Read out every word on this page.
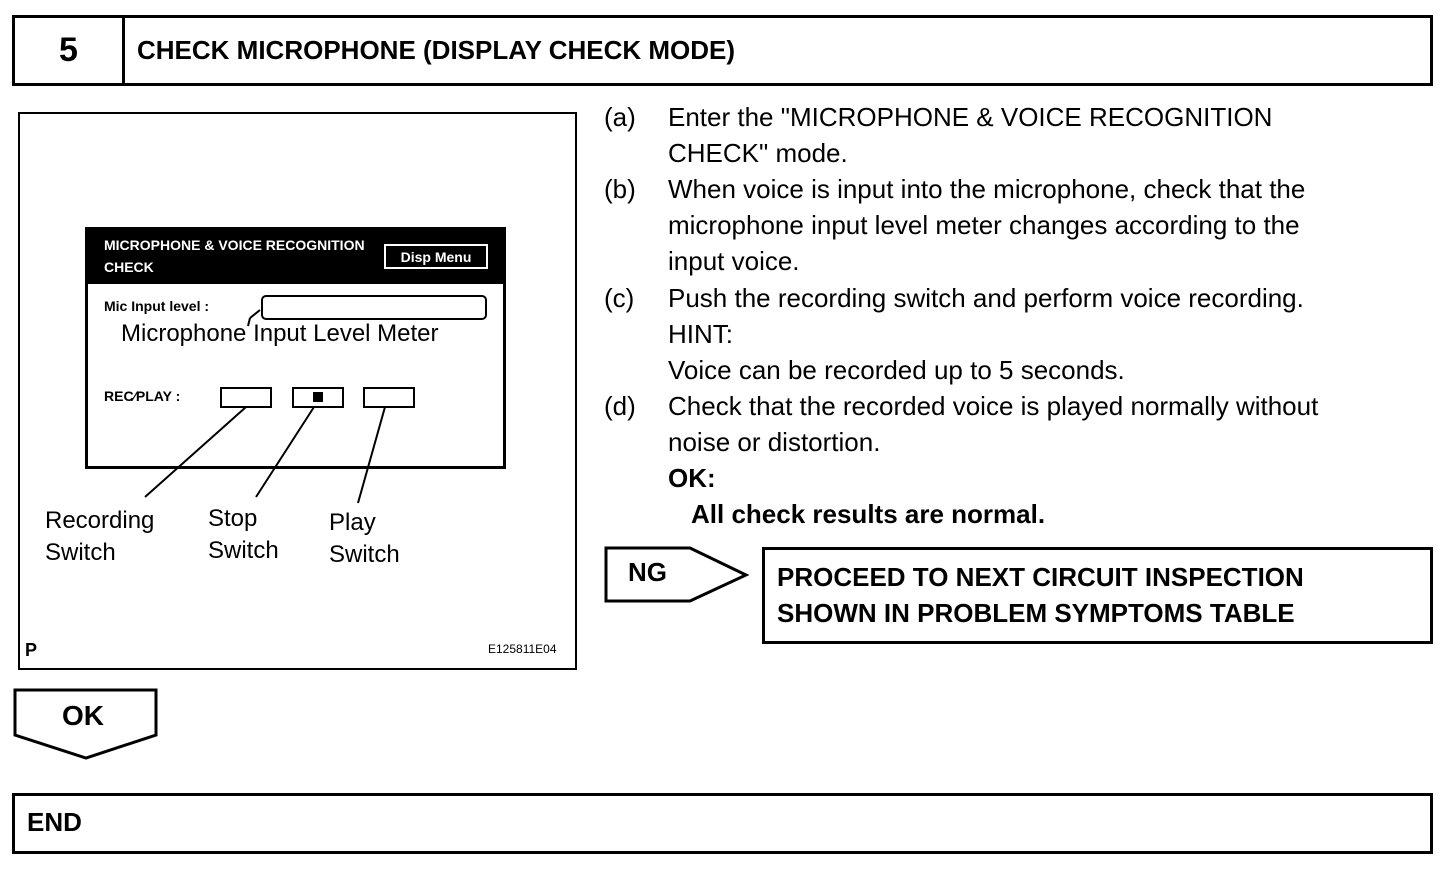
5	CHECK MICROPHONE (DISPLAY CHECK MODE)
MICROPHONE & VOICE RECOGNITION
CHECK
Disp Menu
Mic Input level :
Microphone Input Level Meter
REC∕PLAY :
Recording
Switch
Stop
Switch
Play
Switch
P	E125811E04
(a) Enter the "MICROPHONE & VOICE RECOGNITION
CHECK" mode.
(b) When voice is input into the microphone, check that the
microphone input level meter changes according to the
input voice.
(c) Push the recording switch and perform voice recording.
HINT:
Voice can be recorded up to 5 seconds.
(d) Check that the recorded voice is played normally without
noise or distortion.
OK:
All check results are normal.
NG	PROCEED TO NEXT CIRCUIT INSPECTION
SHOWN IN PROBLEM SYMPTOMS TABLE
OK
END
